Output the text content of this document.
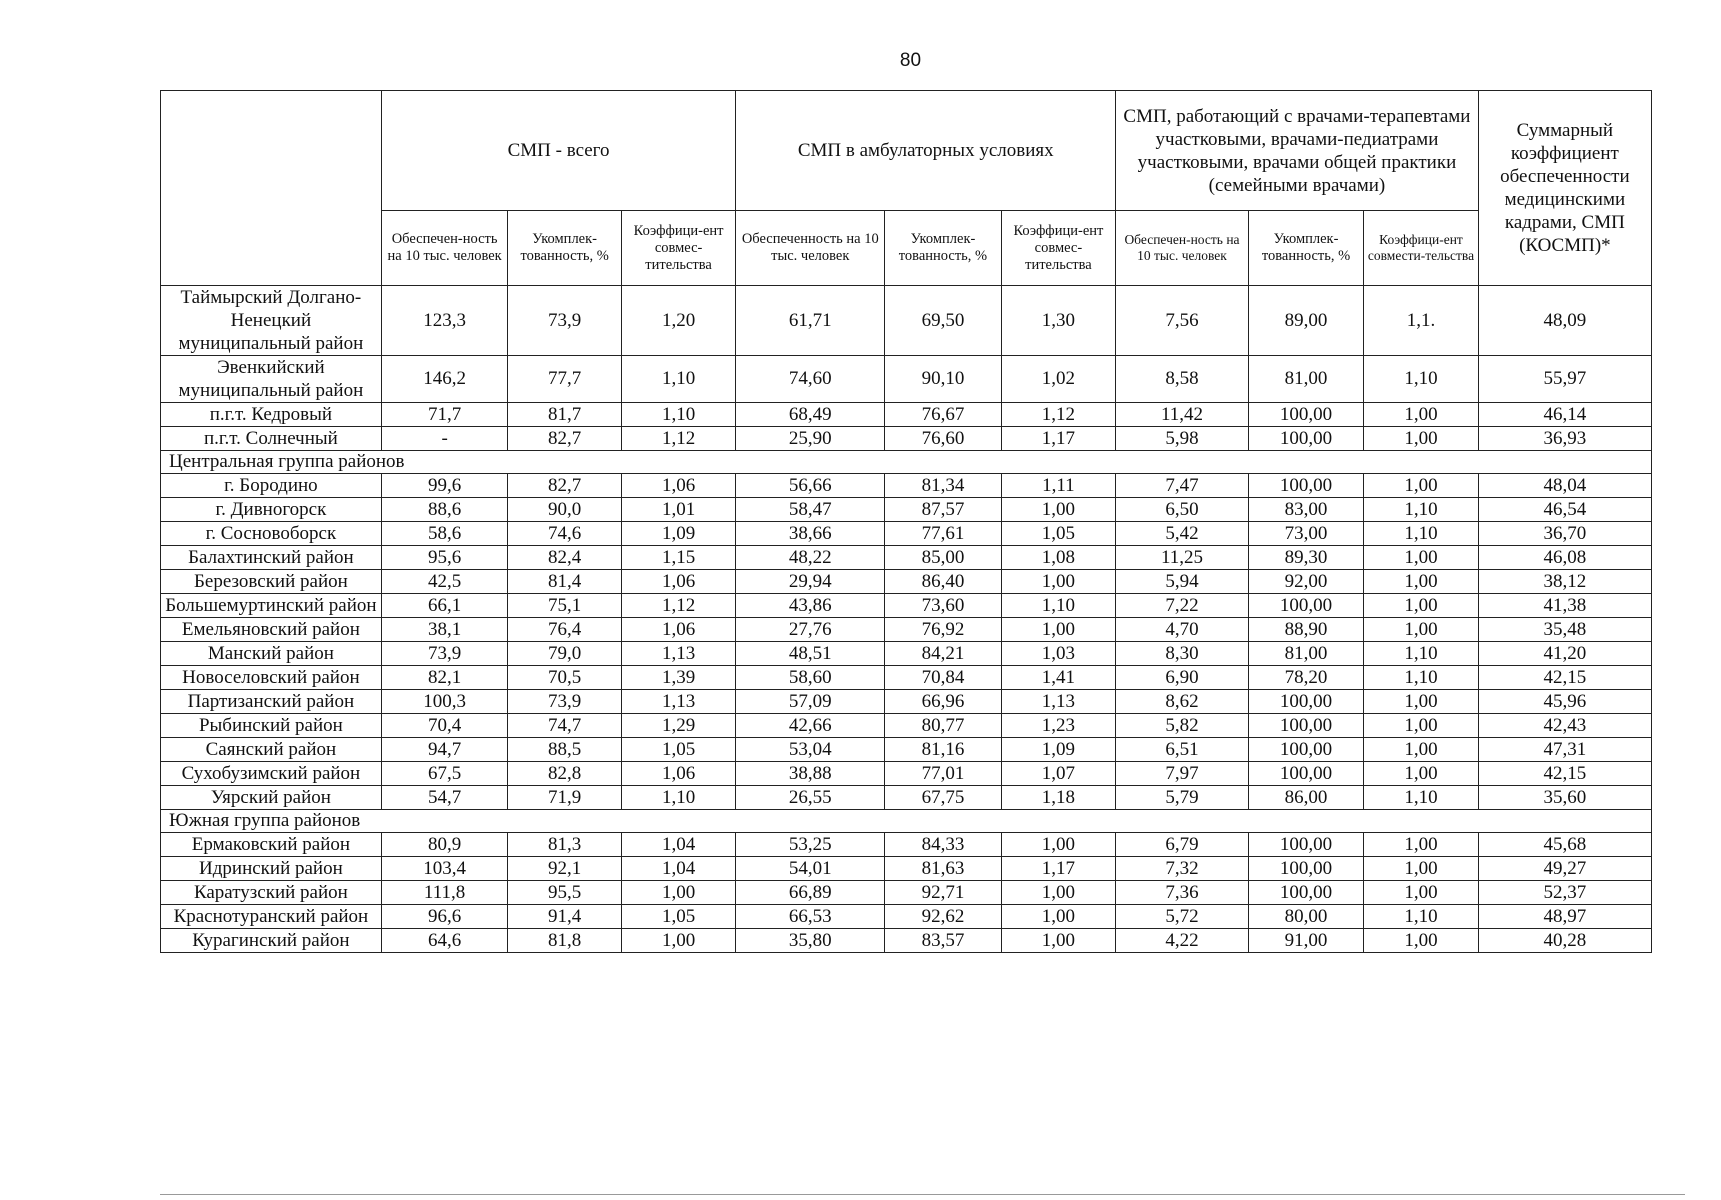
80
	СМП - всего			СМП в амбулаторных условиях			СМП, работающий с врачами-терапевтами участковыми, врачами-педиатрами участковыми, врачами общей практики (семейными врачами)			Суммарный коэффициент обеспеченности медицинскими кадрами, СМП (КОСМП)*
	Обеспечен-ность на 10 тыс. человек	Укомплек-тованность, %	Коэффици-ент совмес-тительства	Обеспеченность на 10 тыс. человек	Укомплек-тованность, %	Коэффици-ент совмес-тительства	Обеспечен-ность на 10 тыс. человек	Укомплек-тованность, %	Коэффици-ент совмести-тельства	
Таймырский Долгано-Ненецкий муниципальный район	123,3	73,9	1,20	61,71	69,50	1,30	7,56	89,00	1,1.	48,09
Эвенкийский муниципальный район	146,2	77,7	1,10	74,60	90,10	1,02	8,58	81,00	1,10	55,97
п.г.т. Кедровый	71,7	81,7	1,10	68,49	76,67	1,12	11,42	100,00	1,00	46,14
п.г.т. Солнечный	-	82,7	1,12	25,90	76,60	1,17	5,98	100,00	1,00	36,93
Центральная группа районов										
г. Бородино	99,6	82,7	1,06	56,66	81,34	1,11	7,47	100,00	1,00	48,04
г. Дивногорск	88,6	90,0	1,01	58,47	87,57	1,00	6,50	83,00	1,10	46,54
г. Сосновоборск	58,6	74,6	1,09	38,66	77,61	1,05	5,42	73,00	1,10	36,70
Балахтинский район	95,6	82,4	1,15	48,22	85,00	1,08	11,25	89,30	1,00	46,08
Березовский район	42,5	81,4	1,06	29,94	86,40	1,00	5,94	92,00	1,00	38,12
Большемуртинский район	66,1	75,1	1,12	43,86	73,60	1,10	7,22	100,00	1,00	41,38
Емельяновский район	38,1	76,4	1,06	27,76	76,92	1,00	4,70	88,90	1,00	35,48
Манский район	73,9	79,0	1,13	48,51	84,21	1,03	8,30	81,00	1,10	41,20
Новоселовский район	82,1	70,5	1,39	58,60	70,84	1,41	6,90	78,20	1,10	42,15
Партизанский район	100,3	73,9	1,13	57,09	66,96	1,13	8,62	100,00	1,00	45,96
Рыбинский район	70,4	74,7	1,29	42,66	80,77	1,23	5,82	100,00	1,00	42,43
Саянский район	94,7	88,5	1,05	53,04	81,16	1,09	6,51	100,00	1,00	47,31
Сухобузимский район	67,5	82,8	1,06	38,88	77,01	1,07	7,97	100,00	1,00	42,15
Уярский район	54,7	71,9	1,10	26,55	67,75	1,18	5,79	86,00	1,10	35,60
Южная группа районов										
Ермаковский район	80,9	81,3	1,04	53,25	84,33	1,00	6,79	100,00	1,00	45,68
Идринский район	103,4	92,1	1,04	54,01	81,63	1,17	7,32	100,00	1,00	49,27
Каратузский район	111,8	95,5	1,00	66,89	92,71	1,00	7,36	100,00	1,00	52,37
Краснотуранский район	96,6	91,4	1,05	66,53	92,62	1,00	5,72	80,00	1,10	48,97
Курагинский район	64,6	81,8	1,00	35,80	83,57	1,00	4,22	91,00	1,00	40,28
